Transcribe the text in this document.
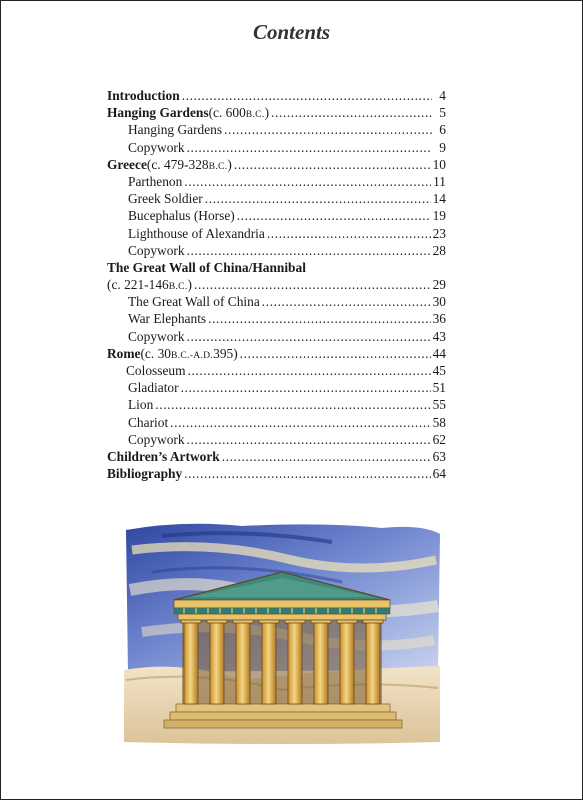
Contents
Introduction .....	4
Hanging Gardens (c. 600 B.C. ) .....	5
Hanging Gardens .....	6
Copywork .....	9
Greece (c. 479-328 B.C. ) .....	10
Parthenon .....	11
Greek Soldier .....	14
Bucephalus (Horse) .....	19
Lighthouse of Alexandria .....	23
Copywork .....	28
The Great Wall of China/Hannibal
(c. 221-146 B.C. ) .....	29
The Great Wall of China .....	30
War Elephants .....	36
Copywork .....	43
Rome (c. 30 B.C.-A.D. 395) .....	44
Colosseum .....	45
Gladiator .....	51
Lion .....	55
Chariot .....	58
Copywork .....	62
Children’s Artwork .....	63
Bibliography .....	64
